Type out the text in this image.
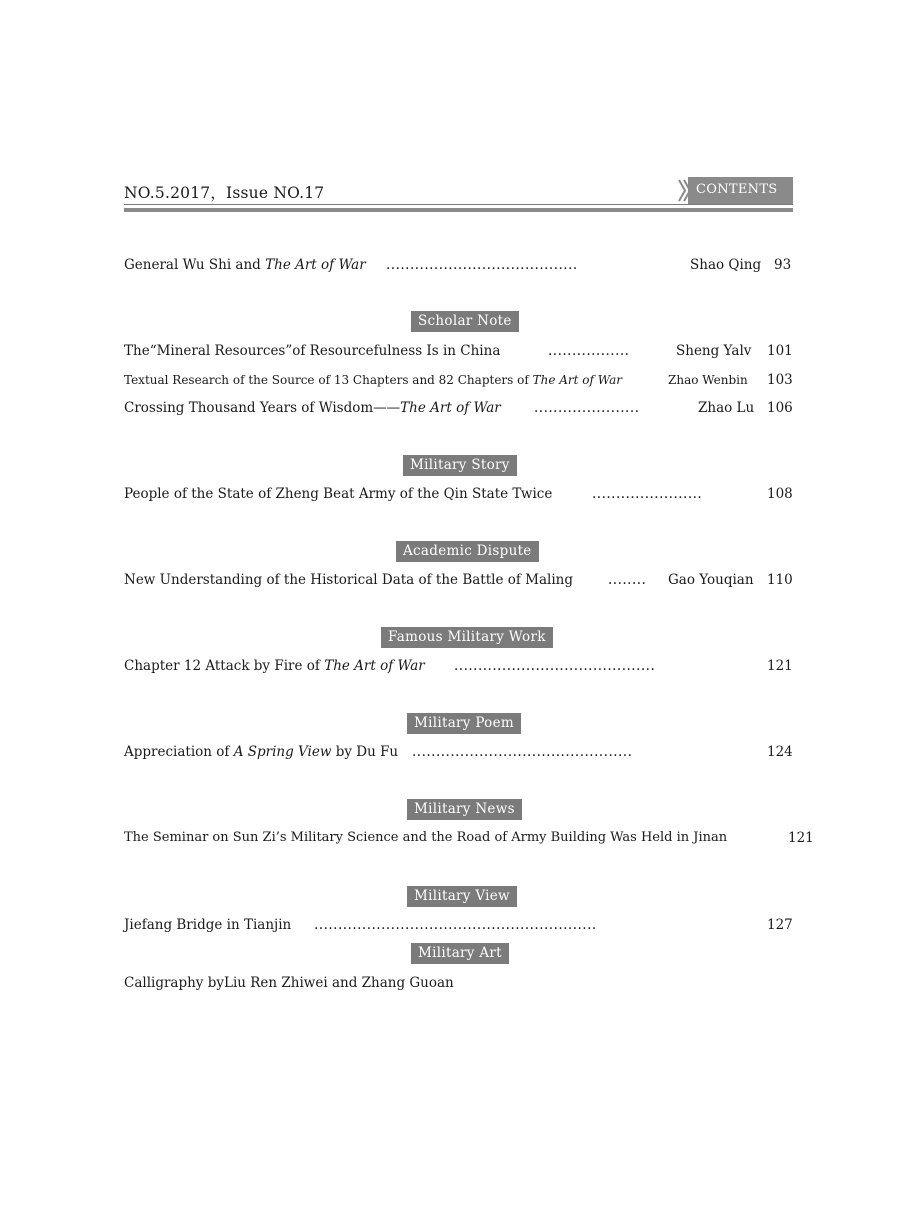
NO.5.2017，Issue NO.17	CONTENTS
General Wu Shi and The Art of War ........................................	Shao Qing 93
Scholar Note
The“Mineral Resources”of Resourcefulness Is in China	.................	Sheng Yalv 101
Textual Research of the Source of 13 Chapters and 82 Chapters of The Art of War	Zhao Wenbin 103
Crossing Thousand Years of Wisdom——The Art of War ......................	Zhao Lu 106
Military Story
People of the State of Zheng Beat Army of the Qin State Twice	.......................	108
Academic Dispute
New Understanding of the Historical Data of the Battle of Maling	........ Gao Youqian 110
Famous Military Work
Chapter 12 Attack by Fire of The Art of War ..........................................	121
Military Poem
Appreciation of A Spring View by Du Fu ..............................................	124
Military News
The Seminar on Sun Zi’s Military Science and the Road of Army Building Was Held in Jinan	121
Military View
Jiefang Bridge in Tianjin ...........................................................	127
Military Art
Calligraphy byLiu Ren Zhiwei and Zhang Guoan
